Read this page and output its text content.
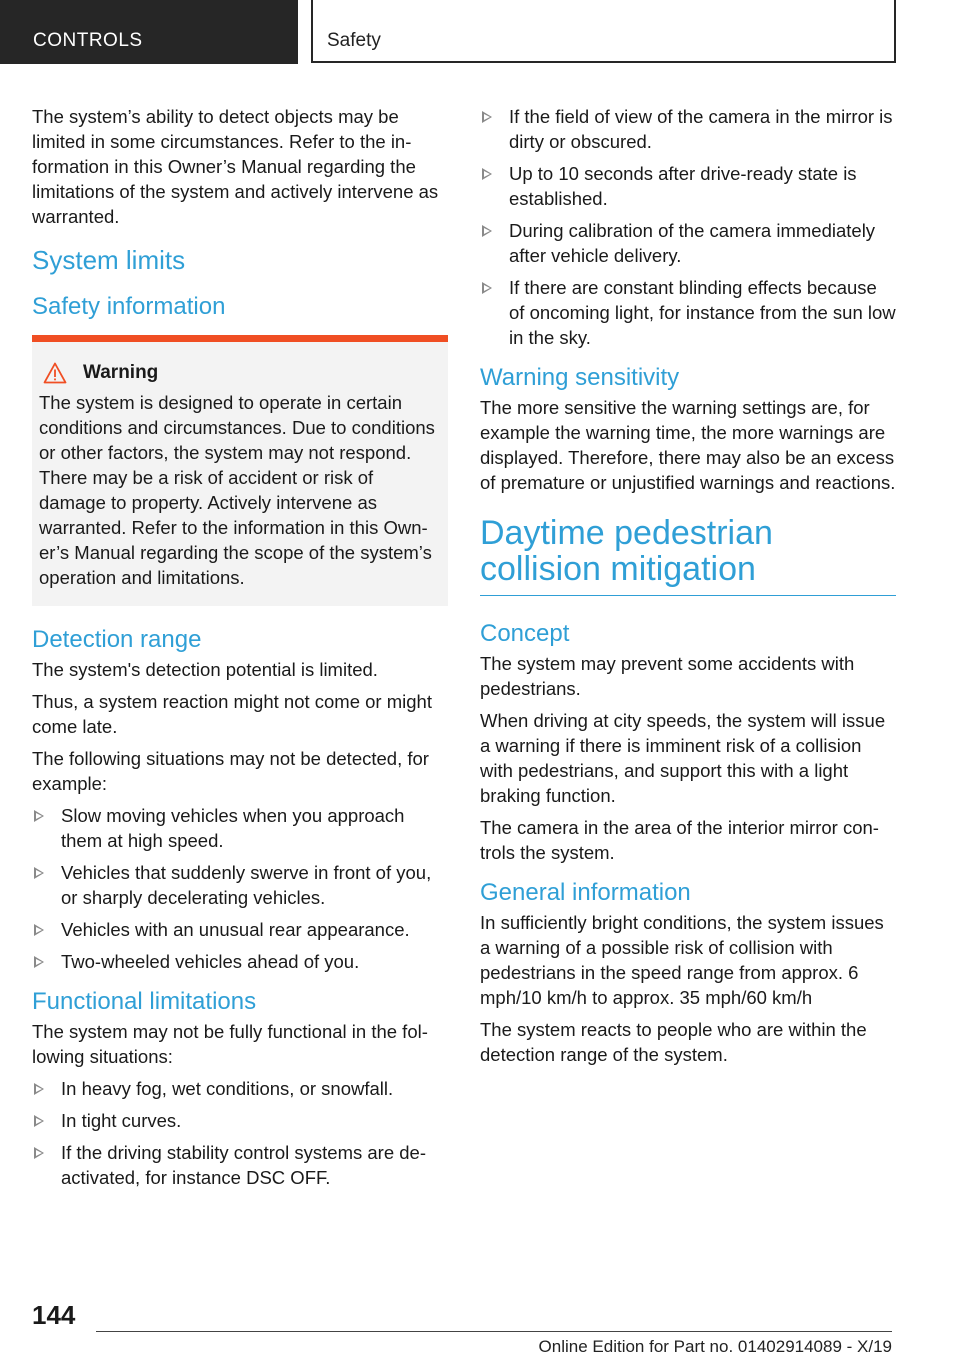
CONTROLS	Safety

The system’s ability to detect objects may be limited in some circumstances. Refer to the information in this Owner’s Manual regarding the limitations of the system and actively intervene as warranted.

System limits
Safety information
Warning

The system is designed to operate in certain conditions and circumstances. Due to conditions or other factors, the system may not respond. There may be a risk of accident or risk of damage to property. Actively intervene as warranted. Refer to the information in this Owner’s Manual regarding the scope of the system’s operation and limitations.

Detection range

The system's detection potential is limited.

Thus, a system reaction might not come or might come late.

The following situations may not be detected, for example:

Slow moving vehicles when you approach them at high speed.
Vehicles that suddenly swerve in front of you, or sharply decelerating vehicles.
Vehicles with an unusual rear appearance.
Two-wheeled vehicles ahead of you.
Functional limitations

The system may not be fully functional in the following situations:

In heavy fog, wet conditions, or snowfall.
In tight curves.
If the driving stability control systems are deactivated, for instance DSC OFF.
If the field of view of the camera in the mirror is dirty or obscured.
Up to 10 seconds after drive-ready state is established.
During calibration of the camera immediately after vehicle delivery.
If there are constant blinding effects because of oncoming light, for instance from the sun low in the sky.
Warning sensitivity

The more sensitive the warning settings are, for example the warning time, the more warnings are displayed. Therefore, there may also be an excess of premature or unjustified warnings and reactions.

Daytime pedestrian collision mitigation
Concept

The system may prevent some accidents with pedestrians.

When driving at city speeds, the system will issue a warning if there is imminent risk of a collision with pedestrians, and support this with a light braking function.

The camera in the area of the interior mirror controls the system.

General information

In sufficiently bright conditions, the system issues a warning of a possible risk of collision with pedestrians in the speed range from approx. 6 mph/10 km/h to approx. 35 mph/60 km/h

The system reacts to people who are within the detection range of the system.

144
Online Edition for Part no. 01402914089 - X/19
